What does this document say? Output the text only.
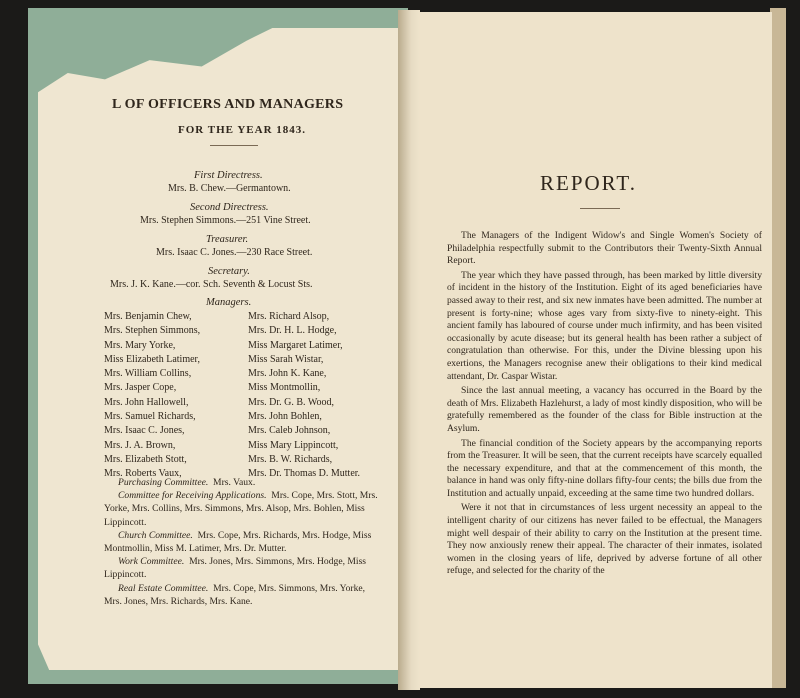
L OF OFFICERS AND MANAGERS
FOR THE YEAR 1843.
First Directress.
Mrs. B. Chew.—Germantown.
Second Directress.
Mrs. Stephen Simmons.—251 Vine Street.
Treasurer.
Mrs. Isaac C. Jones.—230 Race Street.
Secretary.
Mrs. J. K. Kane.—cor. Sch. Seventh & Locust Sts.
Managers.
Mrs. Benjamin Chew,
Mrs. Stephen Simmons,
Mrs. Mary Yorke,
Miss Elizabeth Latimer,
Mrs. William Collins,
Mrs. Jasper Cope,
Mrs. John Hallowell,
Mrs. Samuel Richards,
Mrs. Isaac C. Jones,
Mrs. J. A. Brown,
Mrs. Elizabeth Stott,
Mrs. Roberts Vaux,
Mrs. Richard Alsop,
Mrs. Dr. H. L. Hodge,
Miss Margaret Latimer,
Miss Sarah Wistar,
Mrs. John K. Kane,
Miss Montmollin,
Mrs. Dr. G. B. Wood,
Mrs. John Bohlen,
Mrs. Caleb Johnson,
Miss Mary Lippincott,
Mrs. B. W. Richards,
Mrs. Dr. Thomas D. Mutter.
Purchasing Committee. Mrs. Vaux.
Committee for Receiving Applications. Mrs. Cope, Mrs. Stott, Mrs. Yorke, Mrs. Collins, Mrs. Simmons, Mrs. Alsop, Mrs. Bohlen, Miss Lippincott.
Church Committee. Mrs. Cope, Mrs. Richards, Mrs. Hodge, Miss Montmollin, Miss M. Latimer, Mrs. Dr. Mutter.
Work Committee. Mrs. Jones, Mrs. Simmons, Mrs. Hodge, Miss Lippincott.
Real Estate Committee. Mrs. Cope, Mrs. Simmons, Mrs. Yorke, Mrs. Jones, Mrs. Richards, Mrs. Kane.
REPORT.

The Managers of the Indigent Widow's and Single Women's Society of Philadelphia respectfully submit to the Contributors their Twenty-Sixth Annual Report.

The year which they have passed through, has been marked by little diversity of incident in the history of the Institution. Eight of its aged beneficiaries have passed away to their rest, and six new inmates have been admitted. The number at present is forty-nine; whose ages vary from sixty-five to ninety-eight. This ancient family has laboured of course under much infirmity, and has been visited occasionally by acute disease; but its general health has been rather a subject of congratulation than otherwise. For this, under the Divine blessing upon his exertions, the Managers recognise anew their obligations to their kind medical attendant, Dr. Caspar Wistar.

Since the last annual meeting, a vacancy has occurred in the Board by the death of Mrs. Elizabeth Hazlehurst, a lady of most kindly disposition, who will be gratefully remembered as the founder of the class for Bible instruction at the Asylum.

The financial condition of the Society appears by the accompanying reports from the Treasurer. It will be seen, that the current receipts have scarcely equalled the necessary expenditure, and that at the commencement of this month, the balance in hand was only fifty-nine dollars fifty-four cents; the bills due from the Institution and actually unpaid, exceeding at the same time two hundred dollars.

Were it not that in circumstances of less urgent necessity an appeal to the intelligent charity of our citizens has never failed to be effectual, the Managers might well despair of their ability to carry on the Institution at the present time. They now anxiously renew their appeal. The character of their inmates, isolated women in the closing years of life, deprived by adverse fortune of all other refuge, and selected for the charity of the
